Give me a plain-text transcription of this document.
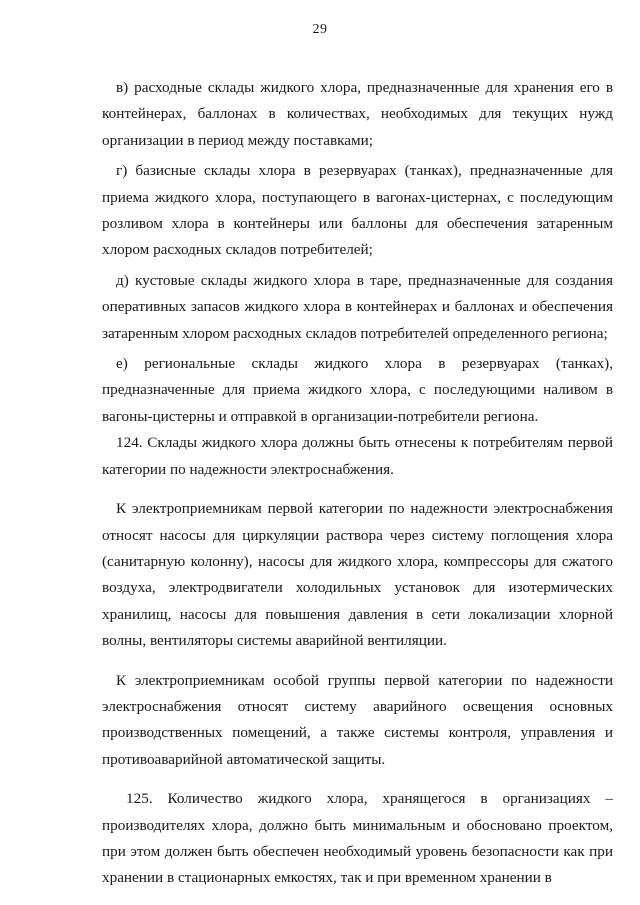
29

в) расходные склады жидкого хлора, предназначенные для хранения его в контейнерах, баллонах в количествах, необходимых для текущих нужд организации в период между поставками;

г) базисные склады хлора в резервуарах (танках), предназначенные для приема жидкого хлора, поступающего в вагонах-цистернах, с последующим розливом хлора в контейнеры или баллоны для обеспечения затаренным хлором расходных складов потребителей;

д) кустовые склады жидкого хлора в таре, предназначенные для создания оперативных запасов жидкого хлора в контейнерах и баллонах и обеспечения затаренным хлором расходных складов потребителей определенного региона;

е) региональные склады жидкого хлора в резервуарах (танках), предназначенные для приема жидкого хлора, с последующими наливом в вагоны-цистерны и отправкой в организации-потребители региона.

124. Склады жидкого хлора должны быть отнесены к потребителям первой категории по надежности электроснабжения.

К электроприемникам первой категории по надежности электроснабжения относят насосы для циркуляции раствора через систему поглощения хлора (санитарную колонну), насосы для жидкого хлора, компрессоры для сжатого воздуха, электродвигатели холодильных установок для изотермических хранилищ, насосы для повышения давления в сети локализации хлорной волны, вентиляторы системы аварийной вентиляции.

К электроприемникам особой группы первой категории по надежности электроснабжения относят систему аварийного освещения основных производственных помещений, а также системы контроля, управления и противоаварийной автоматической защиты.

125. Количество жидкого хлора, хранящегося в организациях – производителях хлора, должно быть минимальным и обосновано проектом, при этом должен быть обеспечен необходимый уровень безопасности как при хранении в стационарных емкостях, так и при временном хранении в
